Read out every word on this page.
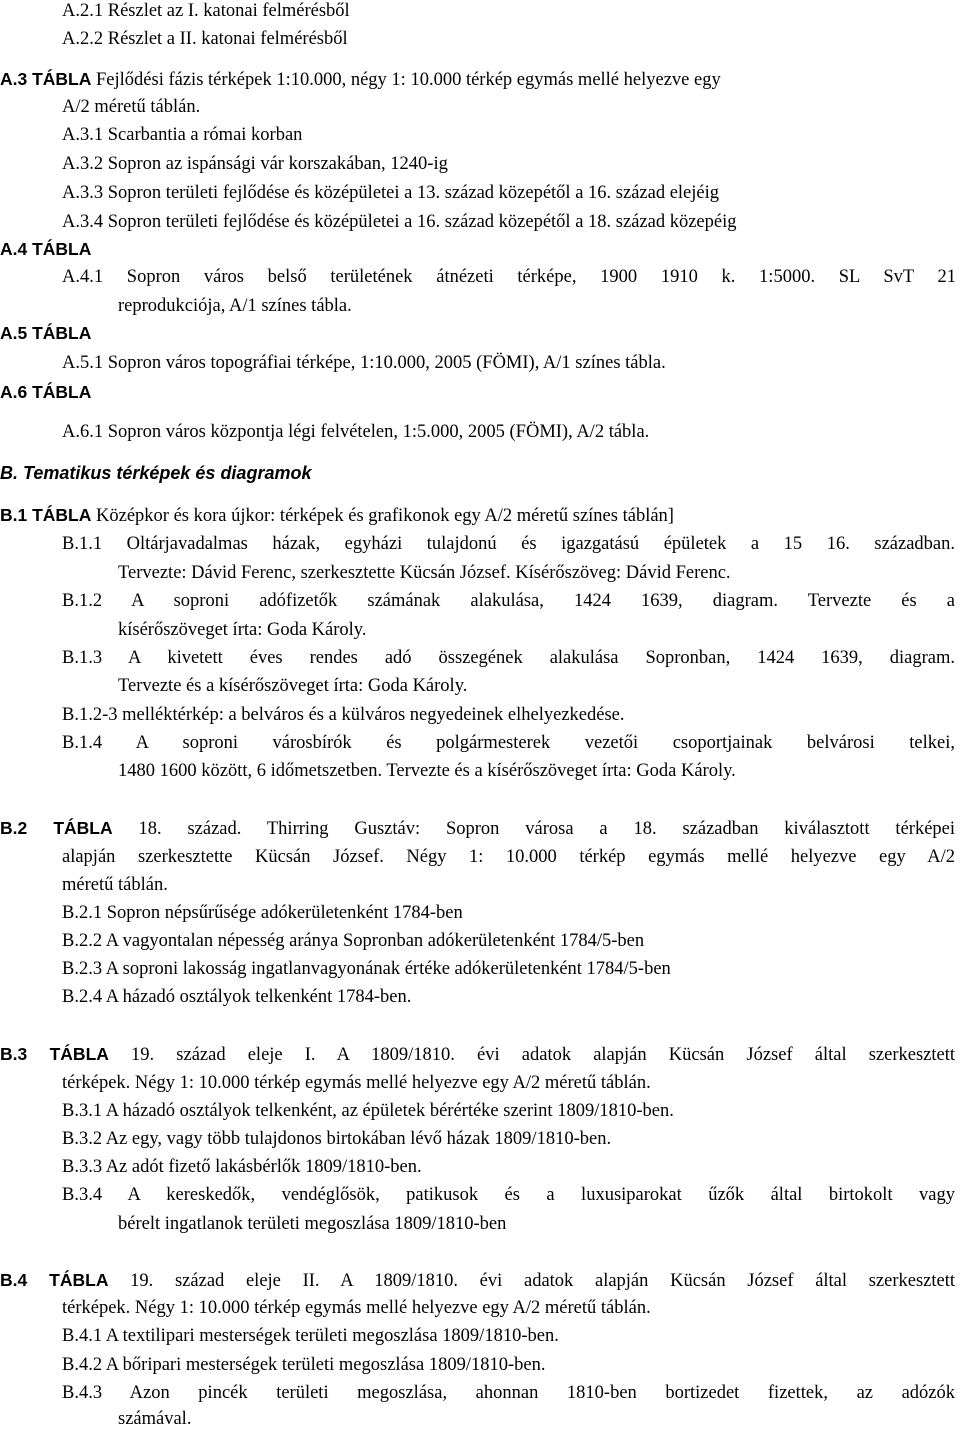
A.2.1 Részlet az I. katonai felmérésből
A.2.2 Részlet a II. katonai felmérésből
A.3 TÁBLA Fejlődési fázis térképek 1:10.000, négy 1: 10.000 térkép egymás mellé helyezve egy
A/2 méretű táblán.
A.3.1 Scarbantia a római korban
A.3.2 Sopron az ispánsági vár korszakában, 1240-ig
A.3.3 Sopron területi fejlődése és középületei a 13. század közepétől a 16. század elejéig
A.3.4 Sopron területi fejlődése és középületei a 16. század közepétől a 18. század közepéig
A.4 TÁBLA
A.4.1 Sopron város belső területének átnézeti térképe, 1900 1910 k. 1:5000. SL SvT 21
reprodukciója, A/1 színes tábla.
A.5 TÁBLA
A.5.1 Sopron város topográfiai térképe, 1:10.000, 2005 (FÖMI), A/1 színes tábla.
A.6 TÁBLA
A.6.1 Sopron város központja légi felvételen, 1:5.000, 2005 (FÖMI), A/2 tábla.
B. Tematikus térképek és diagramok
B.1 TÁBLA Középkor és kora újkor: térképek és grafikonok egy A/2 méretű színes táblán]
B.1.1 Oltárjavadalmas házak, egyházi tulajdonú és igazgatású épületek a 15 16. században.
Tervezte: Dávid Ferenc, szerkesztette Kücsán József. Kísérőszöveg: Dávid Ferenc.
B.1.2 A soproni adófizetők számának alakulása, 1424 1639, diagram. Tervezte és a
kísérőszöveget írta: Goda Károly.
B.1.3 A kivetett éves rendes adó összegének alakulása Sopronban, 1424 1639, diagram.
Tervezte és a kísérőszöveget írta: Goda Károly.
B.1.2-3 melléktérkép: a belváros és a külváros negyedeinek elhelyezkedése.
B.1.4 A soproni városbírók és polgármesterek vezetői csoportjainak belvárosi telkei,
1480 1600 között, 6 időmetszetben. Tervezte és a kísérőszöveget írta: Goda Károly.
B.2 TÁBLA 18. század. Thirring Gusztáv: Sopron városa a 18. században kiválasztott térképei
alapján szerkesztette Kücsán József. Négy 1: 10.000 térkép egymás mellé helyezve egy A/2
méretű táblán.
B.2.1 Sopron népsűrűsége adókerületenként 1784-ben
B.2.2 A vagyontalan népesség aránya Sopronban adókerületenként 1784/5-ben
B.2.3 A soproni lakosság ingatlanvagyonának értéke adókerületenként 1784/5-ben
B.2.4 A házadó osztályok telkenként 1784-ben.
B.3 TÁBLA 19. század eleje I. A 1809/1810. évi adatok alapján Kücsán József által szerkesztett
térképek. Négy 1: 10.000 térkép egymás mellé helyezve egy A/2 méretű táblán.
B.3.1 A házadó osztályok telkenként, az épületek bérértéke szerint 1809/1810-ben.
B.3.2 Az egy, vagy több tulajdonos birtokában lévő házak 1809/1810-ben.
B.3.3 Az adót fizető lakásbérlők 1809/1810-ben.
B.3.4 A kereskedők, vendéglősök, patikusok és a luxusiparokat űzők által birtokolt vagy
bérelt ingatlanok területi megoszlása 1809/1810-ben
B.4 TÁBLA 19. század eleje II. A 1809/1810. évi adatok alapján Kücsán József által szerkesztett
térképek. Négy 1: 10.000 térkép egymás mellé helyezve egy A/2 méretű táblán.
B.4.1 A textilipari mesterségek területi megoszlása 1809/1810-ben.
B.4.2 A bőripari mesterségek területi megoszlása 1809/1810-ben.
B.4.3 Azon pincék területi megoszlása, ahonnan 1810-ben bortizedet fizettek, az adózók
számával.
